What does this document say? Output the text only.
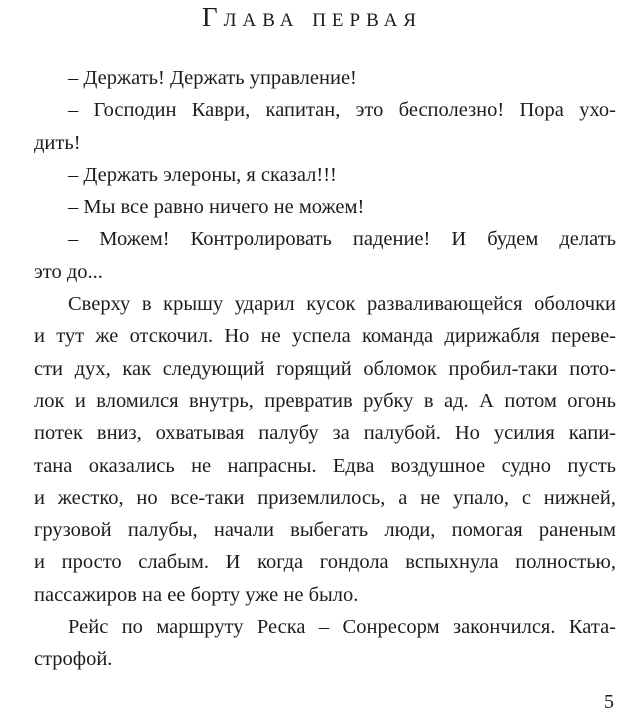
Глава первая
– Держать! Держать управление!
– Господин Каври, капитан, это бесполезно! Пора ухо-
дить!
– Держать элероны, я сказал!!!
– Мы все равно ничего не можем!
– Можем! Контролировать падение! И будем делать
это до...
Сверху в крышу ударил кусок разваливающейся оболочки
и тут же отскочил. Но не успела команда дирижабля переве-
сти дух, как следующий горящий обломок пробил-таки пото-
лок и вломился внутрь, превратив рубку в ад. А потом огонь
потек вниз, охватывая палубу за палубой. Но усилия капи-
тана оказались не напрасны. Едва воздушное судно пусть
и жестко, но все-таки приземлилось, а не упало, с нижней,
грузовой палубы, начали выбегать люди, помогая раненым
и просто слабым. И когда гондола вспыхнула полностью,
пассажиров на ее борту уже не было.
Рейс по маршруту Реска – Сонресорм закончился. Ката-
строфой.
5
